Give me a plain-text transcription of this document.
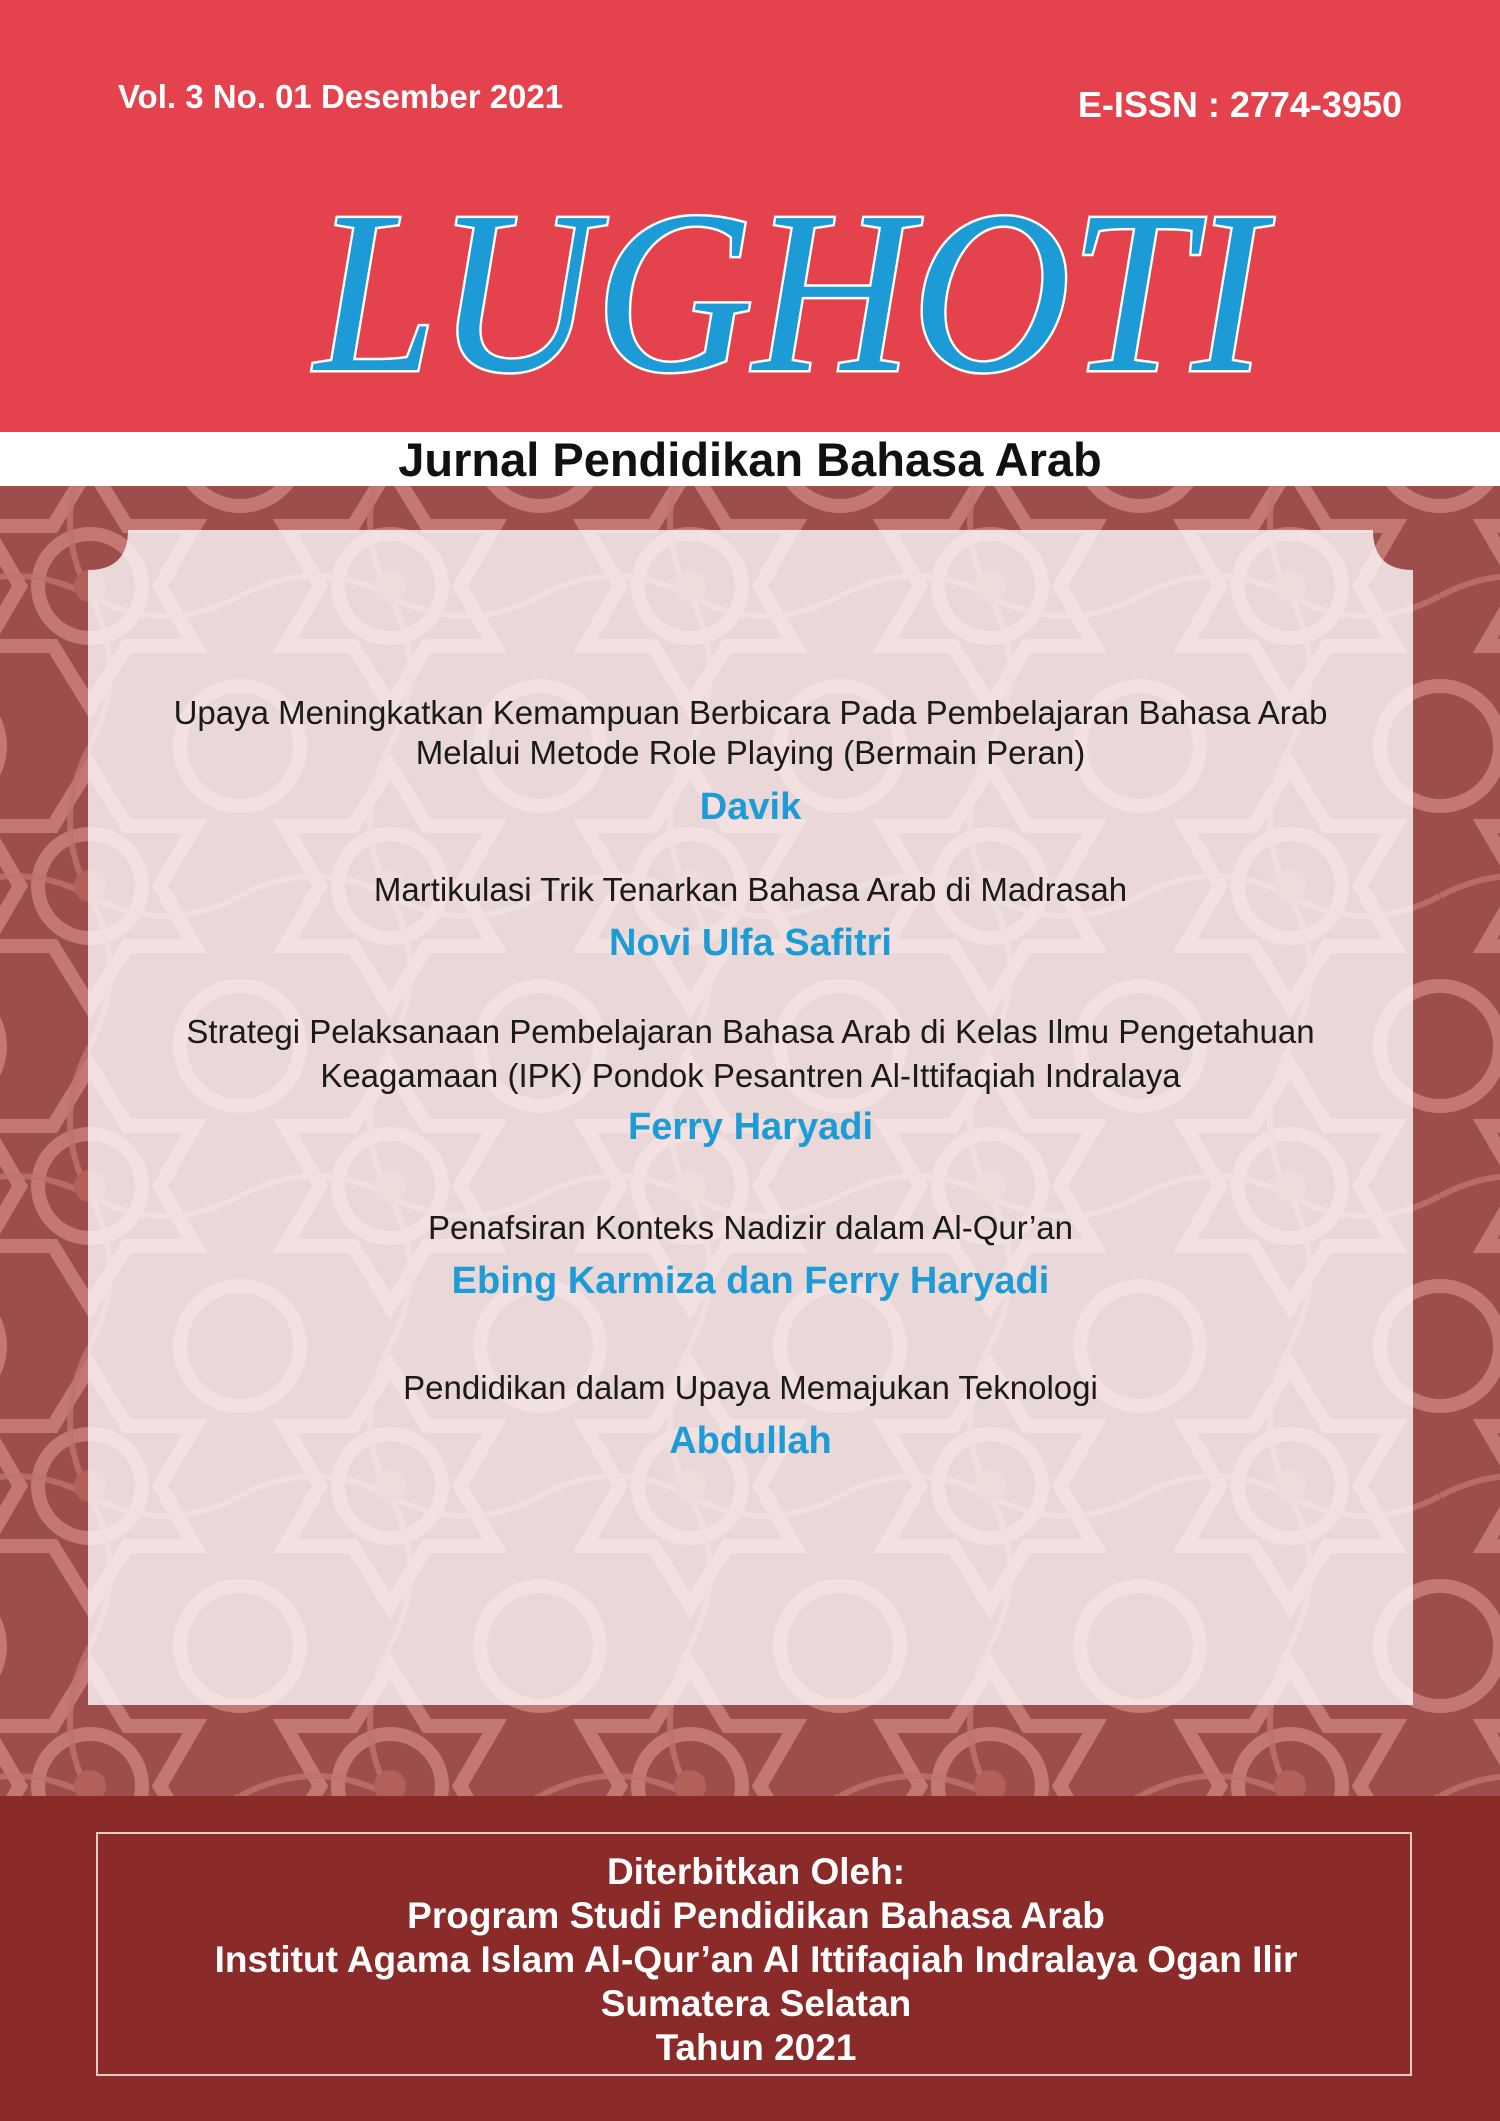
Vol. 3 No. 01 Desember 2021	E-ISSN : 2774-3950
LUGHOTI
Jurnal Pendidikan Bahasa Arab
Upaya Meningkatkan Kemampuan Berbicara Pada Pembelajaran Bahasa Arab
Melalui Metode Role Playing (Bermain Peran)
Davik
Martikulasi Trik Tenarkan Bahasa Arab di Madrasah
Novi Ulfa Safitri
Strategi Pelaksanaan Pembelajaran Bahasa Arab di Kelas Ilmu Pengetahuan
Keagamaan (IPK) Pondok Pesantren Al-Ittifaqiah Indralaya
Ferry Haryadi
Penafsiran Konteks Nadizir dalam Al-Qur’an
Ebing Karmiza dan Ferry Haryadi
Pendidikan dalam Upaya Memajukan Teknologi
Abdullah
Diterbitkan Oleh:
Program Studi Pendidikan Bahasa Arab
Institut Agama Islam Al-Qur’an Al Ittifaqiah Indralaya Ogan Ilir
Sumatera Selatan
Tahun 2021
